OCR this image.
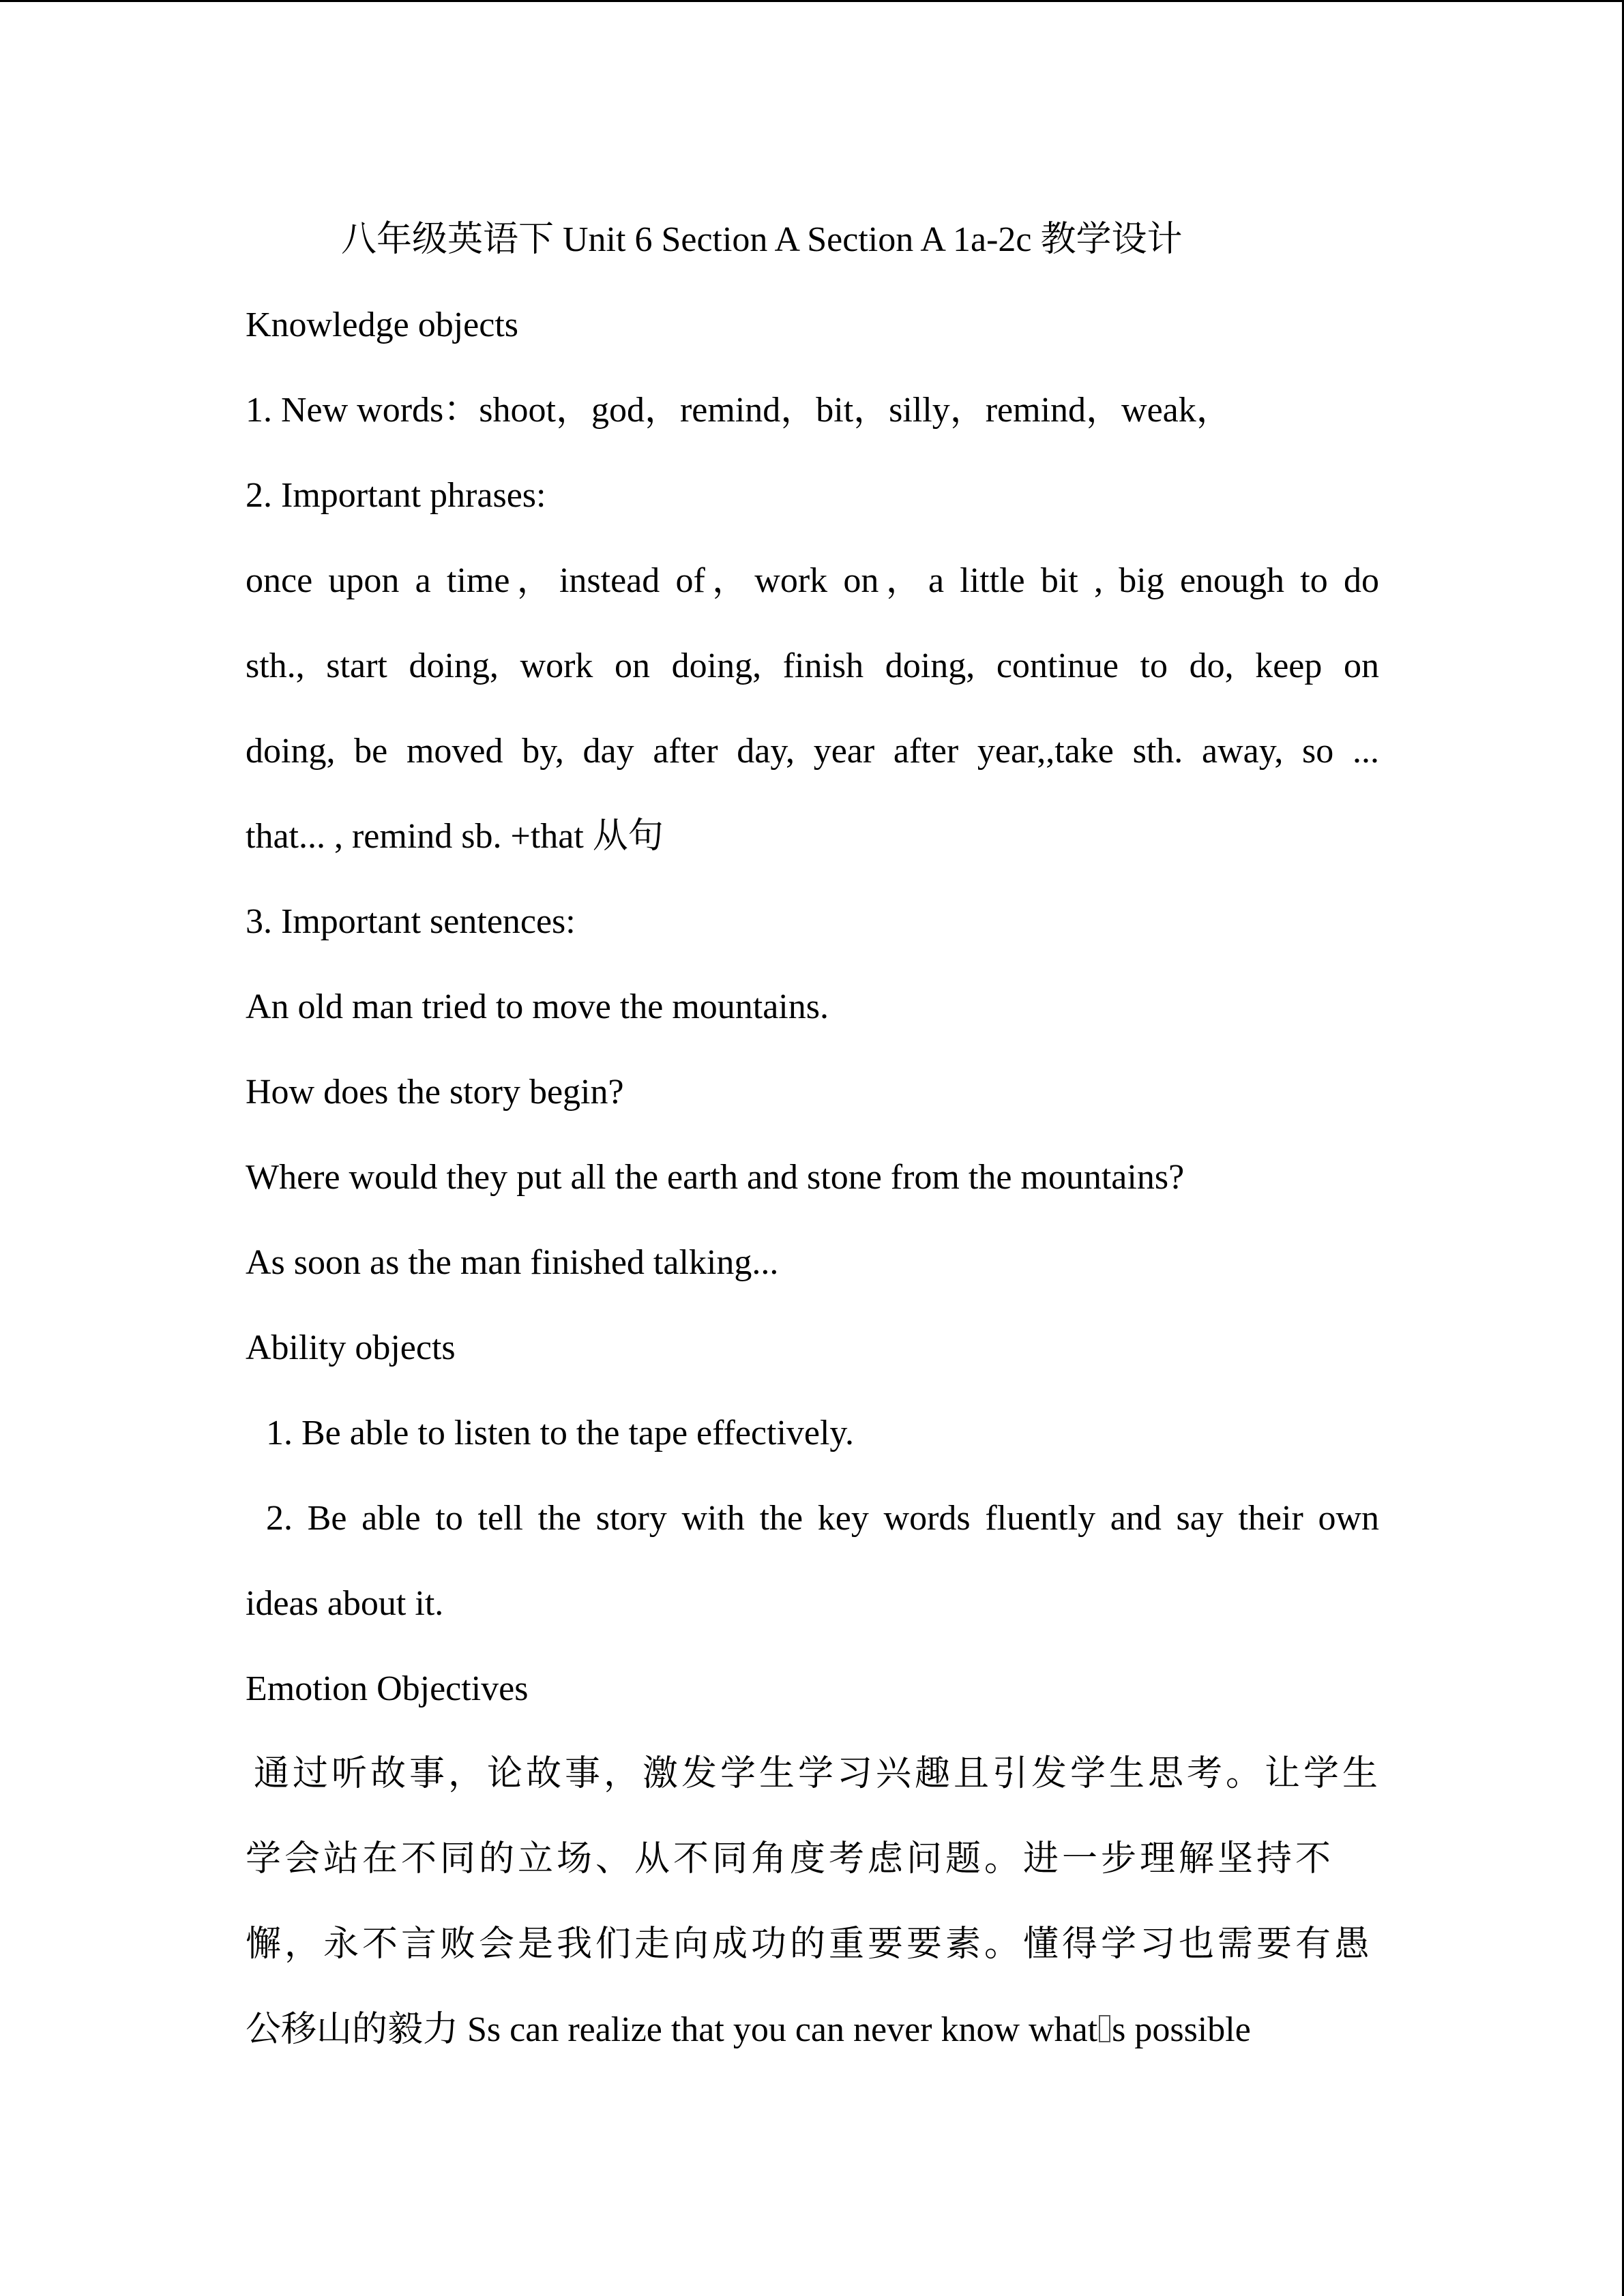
八年级英语下 Unit 6 Section A Section A 1a-2c 教学设计
Knowledge objects
1. New words：shoot，god，remind，bit，silly，remind，weak，
2. Important phrases:
once upon a time，instead of，work on，a little bit , big enough to do
sth., start doing, work on doing, finish doing, continue to do, keep on
doing, be moved by, day after day, year after year,,take sth. away, so ...
that... , remind sb. +that 从句
3. Important sentences:
An old man tried to move the mountains.
How does the story begin?
Where would they put all the earth and stone from the mountains?
As soon as the man finished talking...
Ability objects
1. Be able to listen to the tape effectively.
2. Be able to tell the story with the key words fluently and say their own
ideas about it.
Emotion Objectives
通过听故事，论故事，激发学生学习兴趣且引发学生思考。让学生
学会站在不同的立场、从不同角度考虑问题。进一步理解坚持不
懈，永不言败会是我们走向成功的重要要素。懂得学习也需要有愚
公移山的毅力 Ss can realize that you can never know what s possible
